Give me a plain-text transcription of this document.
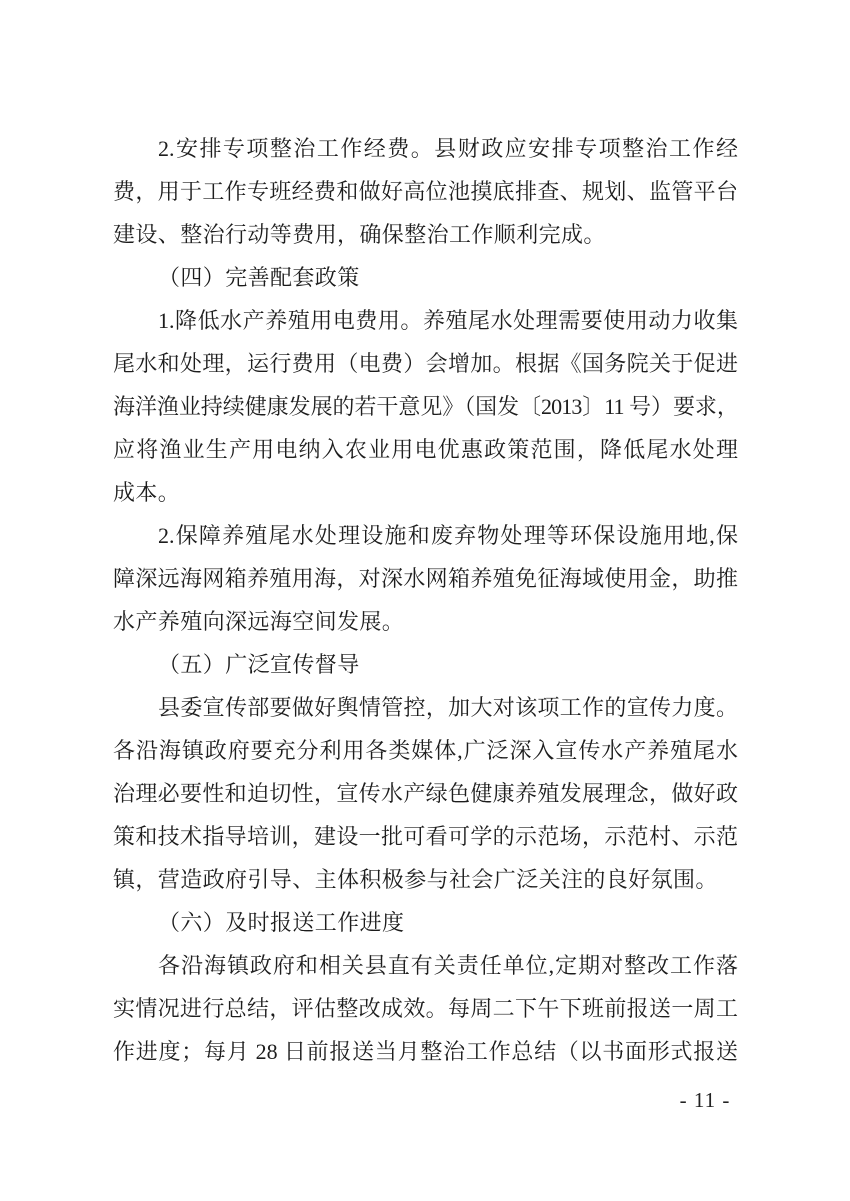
2.安排专项整治工作经费。县财政应安排专项整治工作经
费，用于工作专班经费和做好高位池摸底排查、规划、监管平台
建设、整治行动等费用，确保整治工作顺利完成。
（四）完善配套政策
1.降低水产养殖用电费用。养殖尾水处理需要使用动力收集
尾水和处理，运行费用（电费）会增加。根据《国务院关于促进
海洋渔业持续健康发展的若干意见》（国发〔2013〕11 号）要求，
应将渔业生产用电纳入农业用电优惠政策范围，降低尾水处理
成本。
2.保障养殖尾水处理设施和废弃物处理等环保设施用地,保
障深远海网箱养殖用海，对深水网箱养殖免征海域使用金，助推
水产养殖向深远海空间发展。
（五）广泛宣传督导
县委宣传部要做好舆情管控，加大对该项工作的宣传力度。
各沿海镇政府要充分利用各类媒体,广泛深入宣传水产养殖尾水
治理必要性和迫切性，宣传水产绿色健康养殖发展理念，做好政
策和技术指导培训，建设一批可看可学的示范场，示范村、示范
镇，营造政府引导、主体积极参与社会广泛关注的良好氛围。
（六）及时报送工作进度
各沿海镇政府和相关县直有关责任单位,定期对整改工作落
实情况进行总结，评估整改成效。每周二下午下班前报送一周工
作进度；每月 28 日前报送当月整治工作总结（以书面形式报送
- 11 -
